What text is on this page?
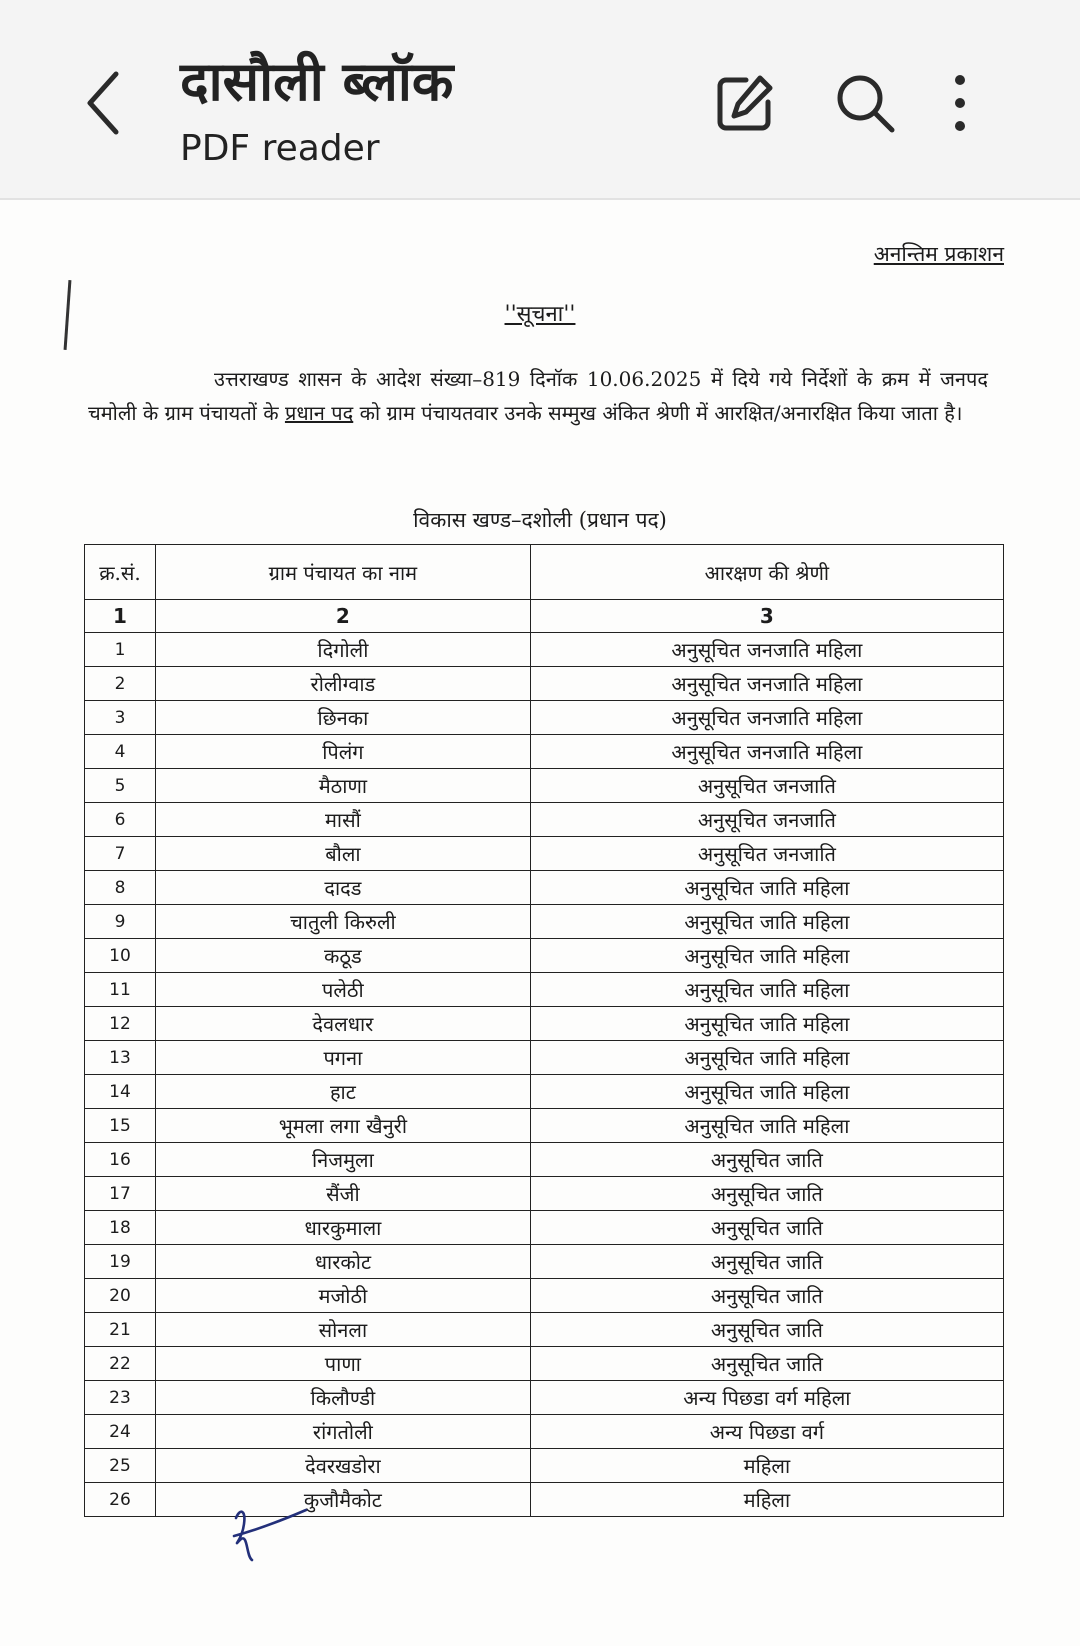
दासौली ब्लॉक
PDF reader
अनन्तिम प्रकाशन
''सूचना''
उत्तराखण्ड शासन के आदेश संख्या–819 दिनॉक 10.06.2025 में दिये गये निर्देशों के क्रम में जनपद चमोली के ग्राम पंचायतों के प्रधान पद को ग्राम पंचायतवार उनके सम्मुख अंकित श्रेणी में आरक्षित/अनारक्षित किया जाता है।
विकास खण्ड–दशोली (प्रधान पद)
क्र.सं.	ग्राम पंचायत का नाम	आरक्षण की श्रेणी
1	2	3
1	दिगोली	अनुसूचित जनजाति महिला
2	रोलीग्वाड	अनुसूचित जनजाति महिला
3	छिनका	अनुसूचित जनजाति महिला
4	पिलंग	अनुसूचित जनजाति महिला
5	मैठाणा	अनुसूचित जनजाति
6	मासौं	अनुसूचित जनजाति
7	बौला	अनुसूचित जनजाति
8	दादड	अनुसूचित जाति महिला
9	चातुली किरुली	अनुसूचित जाति महिला
10	कठूड	अनुसूचित जाति महिला
11	पलेठी	अनुसूचित जाति महिला
12	देवलधार	अनुसूचित जाति महिला
13	पगना	अनुसूचित जाति महिला
14	हाट	अनुसूचित जाति महिला
15	भूमला लगा खैनुरी	अनुसूचित जाति महिला
16	निजमुला	अनुसूचित जाति
17	सैंजी	अनुसूचित जाति
18	धारकुमाला	अनुसूचित जाति
19	धारकोट	अनुसूचित जाति
20	मजोठी	अनुसूचित जाति
21	सोनला	अनुसूचित जाति
22	पाणा	अनुसूचित जाति
23	किलौण्डी	अन्य पिछडा वर्ग महिला
24	रांगतोली	अन्य पिछडा वर्ग
25	देवरखडोरा	महिला
26	कुजौमैकोट	महिला
